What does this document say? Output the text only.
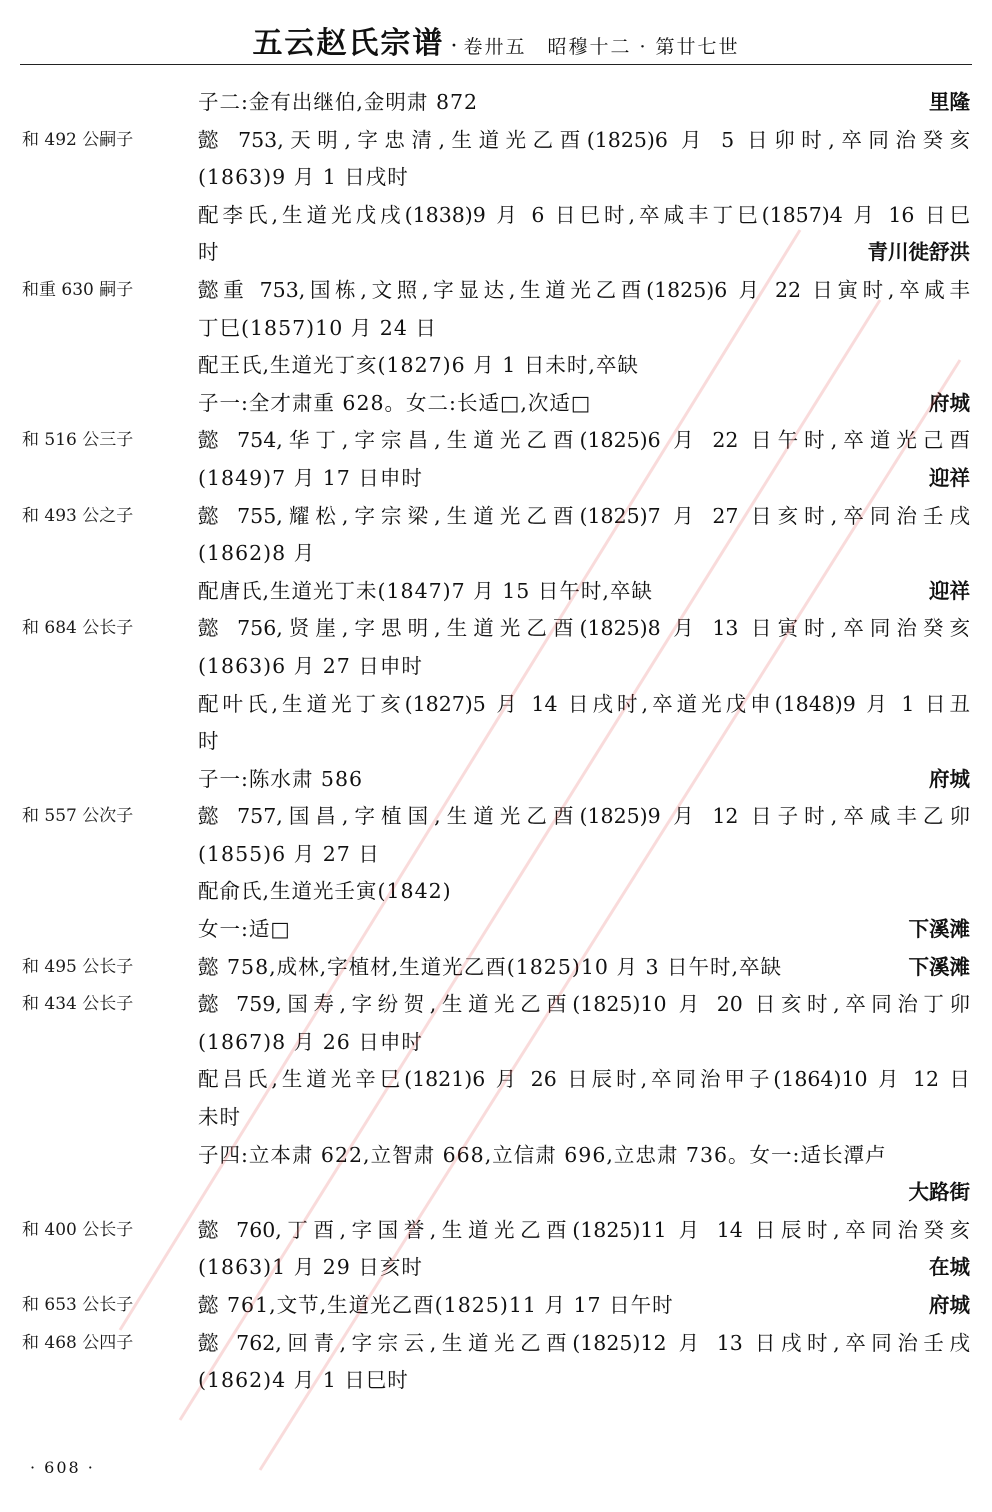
五云赵氏宗谱 · 卷卅五　昭穆十二 · 第廿七世
子二:金有出继伯,金明肃 872	里隆
和 492 公嗣子	懿 753,天明,字忠清,生道光乙酉(1825)6 月 5 日卯时,卒同治癸亥
(1863)9 月 1 日戌时
配李氏,生道光戊戌(1838)9 月 6 日巳时,卒咸丰丁巳(1857)4 月 16 日巳
时	青川徙舒洪
和重 630 嗣子	懿重 753,国栋,文照,字显达,生道光乙酉(1825)6 月 22 日寅时,卒咸丰
丁巳(1857)10 月 24 日
配王氏,生道光丁亥(1827)6 月 1 日未时,卒缺
子一:全才肃重 628。女二:长适□,次适□	府城
和 516 公三子	懿 754,华丁,字宗昌,生道光乙酉(1825)6 月 22 日午时,卒道光己酉
(1849)7 月 17 日申时	迎祥
和 493 公之子	懿 755,耀松,字宗梁,生道光乙酉(1825)7 月 27 日亥时,卒同治壬戌
(1862)8 月
配唐氏,生道光丁未(1847)7 月 15 日午时,卒缺	迎祥
和 684 公长子	懿 756,贤崖,字思明,生道光乙酉(1825)8 月 13 日寅时,卒同治癸亥
(1863)6 月 27 日申时
配叶氏,生道光丁亥(1827)5 月 14 日戌时,卒道光戊申(1848)9 月 1 日丑
时
子一:陈水肃 586	府城
和 557 公次子	懿 757,国昌,字植国,生道光乙酉(1825)9 月 12 日子时,卒咸丰乙卯
(1855)6 月 27 日
配俞氏,生道光壬寅(1842)
女一:适□	下溪滩
和 495 公长子	懿 758,成林,字植材,生道光乙酉(1825)10 月 3 日午时,卒缺	下溪滩
和 434 公长子	懿 759,国寿,字纷贺,生道光乙酉(1825)10 月 20 日亥时,卒同治丁卯
(1867)8 月 26 日申时
配吕氏,生道光辛巳(1821)6 月 26 日辰时,卒同治甲子(1864)10 月 12 日
未时
子四:立本肃 622,立智肃 668,立信肃 696,立忠肃 736。女一:适长潭卢
大路街
和 400 公长子	懿 760,丁酉,字国誉,生道光乙酉(1825)11 月 14 日辰时,卒同治癸亥
(1863)1 月 29 日亥时	在城
和 653 公长子	懿 761,文节,生道光乙酉(1825)11 月 17 日午时	府城
和 468 公四子	懿 762,回青,字宗云,生道光乙酉(1825)12 月 13 日戌时,卒同治壬戌
(1862)4 月 1 日巳时
· 608 ·
